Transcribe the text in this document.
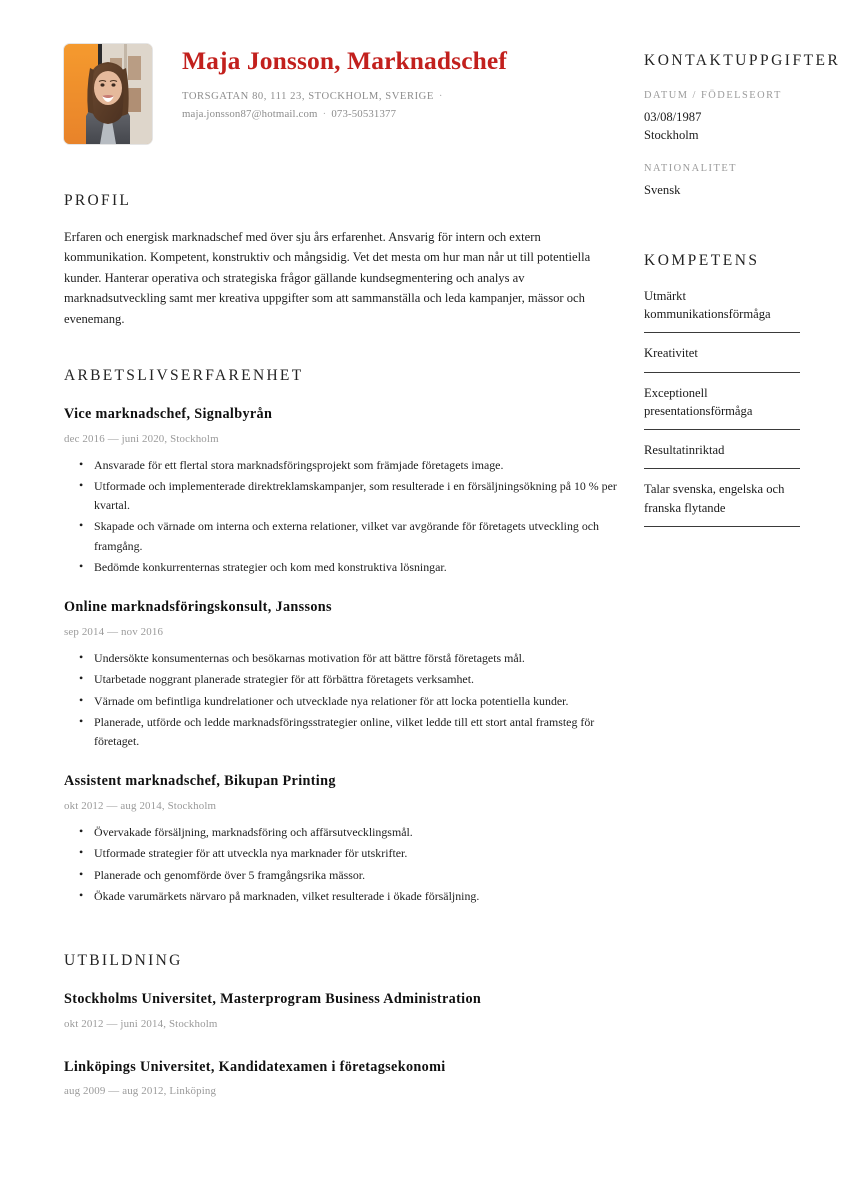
Maja Jonsson, Marknadschef
TORSGATAN 80, 111 23, STOCKHOLM, SVERIGE ·
maja.jonsson87@hotmail.com · 073-50531377
PROFIL

Erfaren och energisk marknadschef med över sju års erfarenhet. Ansvarig för intern och extern kommunikation. Kompetent, konstruktiv och mångsidig. Vet det mesta om hur man når ut till potentiella kunder. Hanterar operativa och strategiska frågor gällande kundsegmentering och analys av marknadsutveckling samt mer kreativa uppgifter som att sammanställa och leda kampanjer, mässor och evenemang.

ARBETSLIVSERFARENHET
Vice marknadschef, Signalbyrån
dec 2016 — juni 2020, Stockholm
• Ansvarade för ett flertal stora marknadsföringsprojekt som främjade företagets image.
• Utformade och implementerade direktreklamskampanjer, som resulterade i en försäljningsökning på 10 % per kvartal.
• Skapade och värnade om interna och externa relationer, vilket var avgörande för företagets utveckling och framgång.
• Bedömde konkurrenternas strategier och kom med konstruktiva lösningar.
Online marknadsföringskonsult, Janssons
sep 2014 — nov 2016
• Undersökte konsumenternas och besökarnas motivation för att bättre förstå företagets mål.
• Utarbetade noggrant planerade strategier för att förbättra företagets verksamhet.
• Värnade om befintliga kundrelationer och utvecklade nya relationer för att locka potentiella kunder.
• Planerade, utförde och ledde marknadsföringsstrategier online, vilket ledde till ett stort antal framsteg för företaget.
Assistent marknadschef, Bikupan Printing
okt 2012 — aug 2014, Stockholm
• Övervakade försäljning, marknadsföring och affärsutvecklingsmål.
• Utformade strategier för att utveckla nya marknader för utskrifter.
• Planerade och genomförde över 5 framgångsrika mässor.
• Ökade varumärkets närvaro på marknaden, vilket resulterade i ökade försäljning.
UTBILDNING
Stockholms Universitet, Masterprogram Business Administration
okt 2012 — juni 2014, Stockholm
Linköpings Universitet, Kandidatexamen i företagsekonomi
aug 2009 — aug 2012, Linköping
KONTAKTUPPGIFTER
DATUM / FÖDELSEORT
03/08/1987
Stockholm
NATIONALITET
Svensk
KOMPETENS
Utmärkt kommunikationsförmåga
Kreativitet
Exceptionell presentationsförmåga
Resultatinriktad
Talar svenska, engelska och franska flytande
